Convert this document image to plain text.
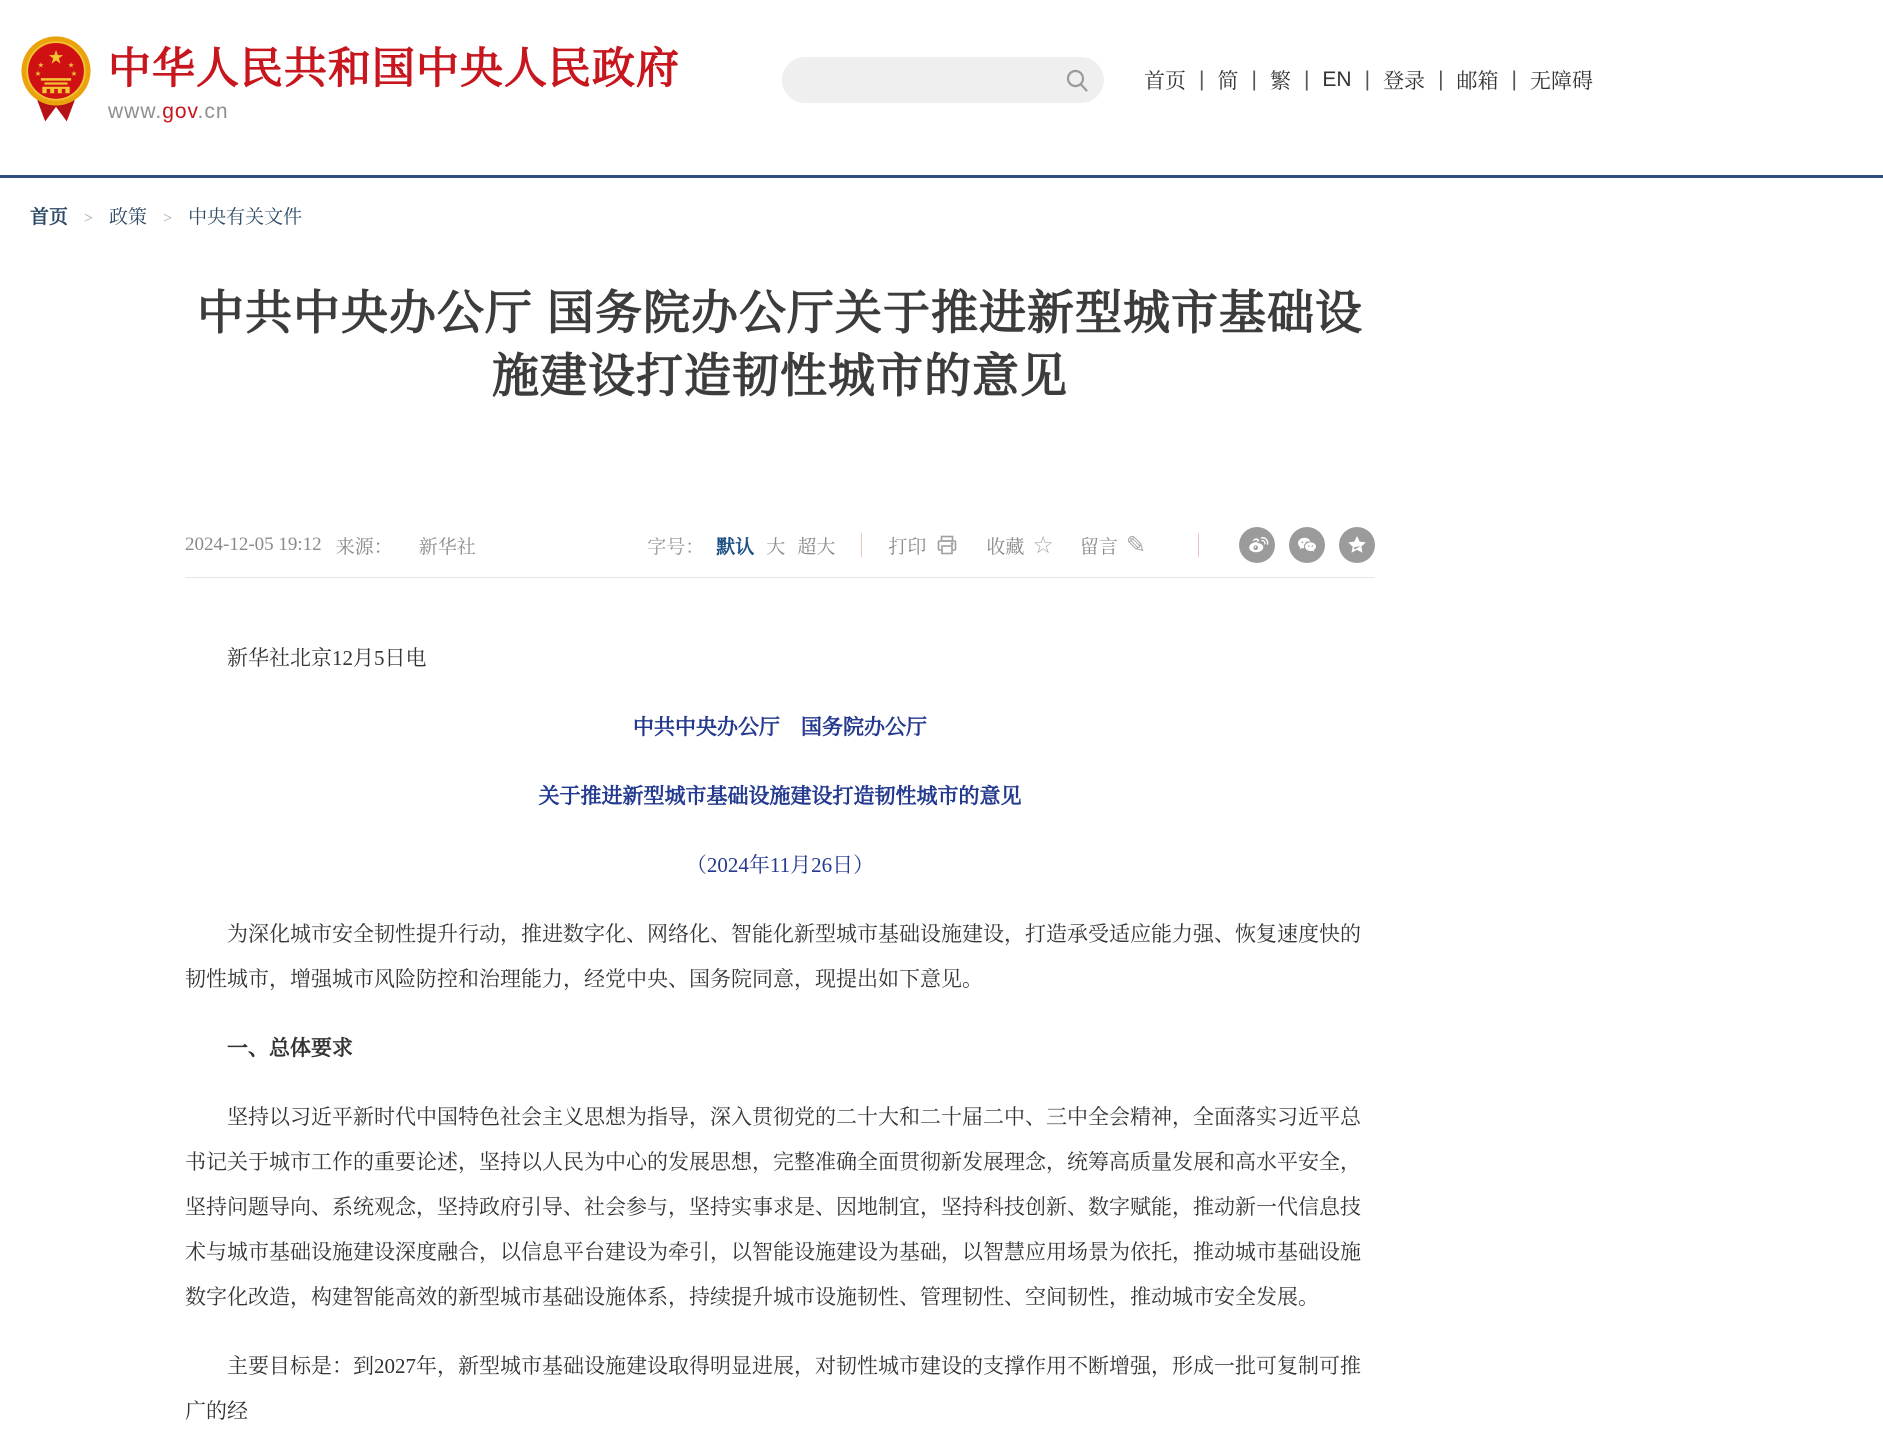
★
★ ★
★	★ 中华人民共和国中央人民政府
www.gov.cn
首页 | 简 | 繁 | EN | 登录 | 邮箱 | 无障碍
首页 > 政策 > 中央有关文件
中共中央办公厅 国务院办公厅关于推进新型城市基础设施建设打造韧性城市的意见
2024-12-05 19:12 来源： 新华社	字号： 默认 大 超大	打印	收藏 ☆ 留言 ✎

新华社北京12月5日电

中共中央办公厅　国务院办公厅

关于推进新型城市基础设施建设打造韧性城市的意见

（2024年11月26日）

为深化城市安全韧性提升行动，推进数字化、网络化、智能化新型城市基础设施建设，打造承受适应能力强、恢复速度快的韧性城市，增强城市风险防控和治理能力，经党中央、国务院同意，现提出如下意见。

一、总体要求

坚持以习近平新时代中国特色社会主义思想为指导，深入贯彻党的二十大和二十届二中、三中全会精神，全面落实习近平总书记关于城市工作的重要论述，坚持以人民为中心的发展思想，完整准确全面贯彻新发展理念，统筹高质量发展和高水平安全，坚持问题导向、系统观念，坚持政府引导、社会参与，坚持实事求是、因地制宜，坚持科技创新、数字赋能，推动新一代信息技术与城市基础设施建设深度融合，以信息平台建设为牵引，以智能设施建设为基础，以智慧应用场景为依托，推动城市基础设施数字化改造，构建智能高效的新型城市基础设施体系，持续提升城市设施韧性、管理韧性、空间韧性，推动城市安全发展。

主要目标是：到2027年，新型城市基础设施建设取得明显进展，对韧性城市建设的支撑作用不断增强，形成一批可复制可推广的经
